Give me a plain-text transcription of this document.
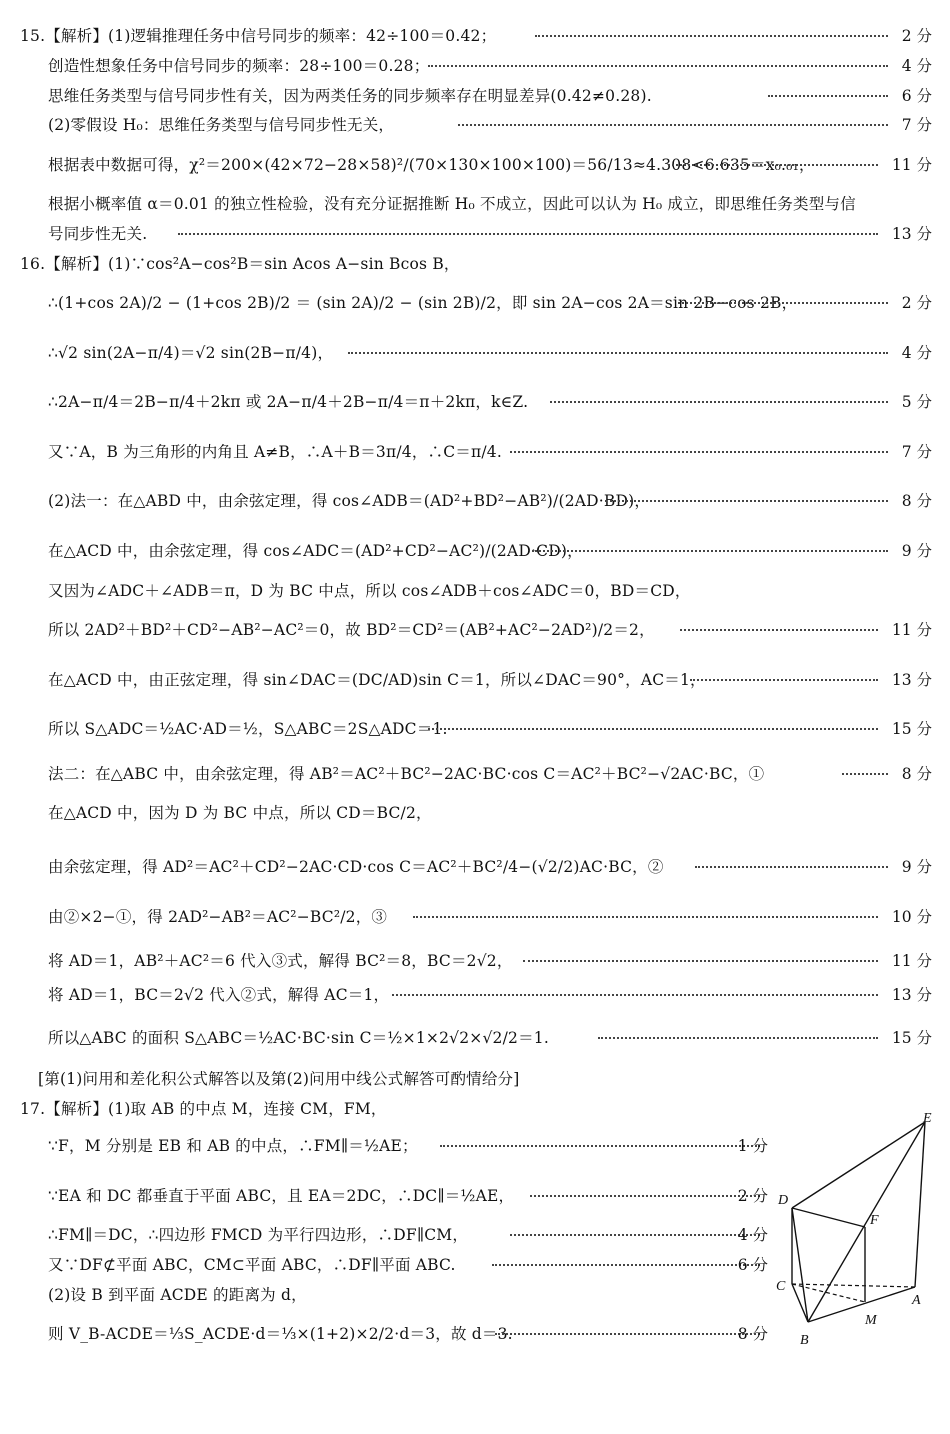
15.【解析】(1)逻辑推理任务中信号同步的频率：42÷100＝0.42；	2 分
创造性想象任务中信号同步的频率：28÷100＝0.28；	4 分
思维任务类型与信号同步性有关，因为两类任务的同步频率存在明显差异(0.42≠0.28).	6 分
(2)零假设 H₀：思维任务类型与信号同步性无关，	7 分
根据表中数据可得，χ²＝200×(42×72−28×58)²/(70×130×100×100)＝56/13≈4.308<6.635＝x₀.₀₁，	11 分
根据小概率值 α＝0.01 的独立性检验，没有充分证据推断 H₀ 不成立，因此可以认为 H₀ 成立，即思维任务类型与信
号同步性无关.	13 分
16.【解析】(1)∵cos²A−cos²B＝sin Acos A−sin Bcos B，
∴(1+cos 2A)/2 − (1+cos 2B)/2 ＝ (sin 2A)/2 − (sin 2B)/2，即 sin 2A−cos 2A＝sin 2B−cos 2B，	2 分
∴√2 sin(2A−π/4)＝√2 sin(2B−π/4)，	4 分
∴2A−π/4＝2B−π/4＋2kπ 或 2A−π/4＋2B−π/4＝π＋2kπ，k∈Z.	5 分
又∵A，B 为三角形的内角且 A≠B，∴A＋B＝3π/4，∴C＝π/4.	7 分
(2)法一：在△ABD 中，由余弦定理，得 cos∠ADB＝(AD²+BD²−AB²)/(2AD·BD)，	8 分
在△ACD 中，由余弦定理，得 cos∠ADC＝(AD²+CD²−AC²)/(2AD·CD)，	9 分
又因为∠ADC＋∠ADB＝π，D 为 BC 中点，所以 cos∠ADB＋cos∠ADC＝0，BD＝CD，
所以 2AD²＋BD²＋CD²−AB²−AC²＝0，故 BD²＝CD²＝(AB²+AC²−2AD²)/2＝2，	11 分
在△ACD 中，由正弦定理，得 sin∠DAC＝(DC/AD)sin C＝1，所以∠DAC＝90°，AC＝1，	13 分
所以 S△ADC＝½AC·AD＝½，S△ABC＝2S△ADC＝1.	15 分
法二：在△ABC 中，由余弦定理，得 AB²＝AC²＋BC²−2AC·BC·cos C＝AC²＋BC²−√2AC·BC，①	8 分
在△ACD 中，因为 D 为 BC 中点，所以 CD＝BC/2，
由余弦定理，得 AD²＝AC²＋CD²−2AC·CD·cos C＝AC²＋BC²/4−(√2/2)AC·BC，②	9 分
由②×2−①，得 2AD²−AB²＝AC²−BC²/2，③	10 分
将 AD＝1，AB²＋AC²＝6 代入③式，解得 BC²＝8，BC＝2√2，	11 分
将 AD＝1，BC＝2√2 代入②式，解得 AC＝1，	13 分
所以△ABC 的面积 S△ABC＝½AC·BC·sin C＝½×1×2√2×√2/2＝1.	15 分
[第(1)问用和差化积公式解答以及第(2)问用中线公式解答可酌情给分]
17.【解析】(1)取 AB 的中点 M，连接 CM，FM，
∵F，M 分别是 EB 和 AB 的中点，∴FM∥＝½AE；	1 分
∵EA 和 DC 都垂直于平面 ABC，且 EA＝2DC，∴DC∥＝½AE，	2 分
∴FM∥＝DC，∴四边形 FMCD 为平行四边形，∴DF∥CM，	4 分
又∵DF⊄平面 ABC，CM⊂平面 ABC，∴DF∥平面 ABC.	6 分
(2)设 B 到平面 ACDE 的距离为 d，
则 V_B-ACDE＝⅓S_ACDE·d＝⅓×(1+2)×2/2·d＝3，故 d＝3.	8 分
E
D
F
C
M
A
B
